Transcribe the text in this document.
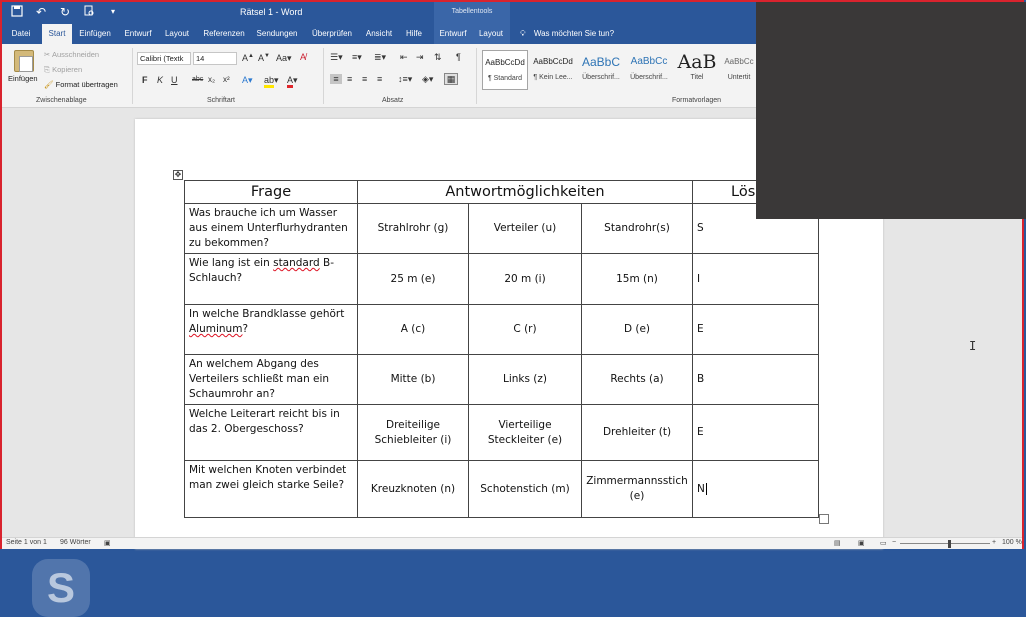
↶ ↻	▾	Rätsel 1 - Word	Tabellentools
Datei	Start	Einfügen	Entwurf	Layout	Referenzen	Sendungen	Überprüfen	Ansicht	Hilfe	Entwurf	Layout	💡︎ Was möchten Sie tun?
Einfügen
✂ Ausschneiden
⎘ Kopieren
🖌︎ Format übertragen
Zwischenablage
Calibri (Textk	14	A▲ A▼ Aa▾ A̸
F K U abc x₂ x² A▾ ab▾ A▾
Schriftart
☰▾ ≡▾ ≣▾ ⇤ ⇥ ⇅ ¶
≡ ≡ ≡ ≡ ↕≡▾ ◈▾	▦
Absatz
AaBbCcDd
¶ Standard
AaBbCcDd
¶ Kein Lee...
AaBbC
Überschrif...
AaBbCc
Überschrif...
AaB
Titel
AaBbCc
Untertit
Formatvorlagen
S
✥
Frage	Antwortmöglichkeiten			Lös
Was brauche ich um Wasser aus einem Unterflurhydranten zu bekommen?	Strahlrohr (g)	Verteiler (u)	Standrohr(s)	S
Wie lang ist ein standard B-Schlauch?	25 m (e)	20 m (i)	15m (n)	I
In welche Brandklasse gehört Aluminum?	A (c)	C (r)	D (e)	E
An welchem Abgang des Verteilers schließt man ein Schaumrohr an?	Mitte (b)	Links (z)	Rechts (a)	B
Welche Leiterart reicht bis in das 2. Obergeschoss?	Dreiteilige Schiebleiter (i)	Vierteilige Steckleiter (e)	Drehleiter (t)	E
Mit welchen Knoten verbindet man zwei gleich starke Seile?	Kreuzknoten (n)	Schotenstich (m)	Zimmermannsstich (e)	N
I
Seite 1 von 1 96 Wörter ▣	▤ ▣ ▭ −	+ 100 %
